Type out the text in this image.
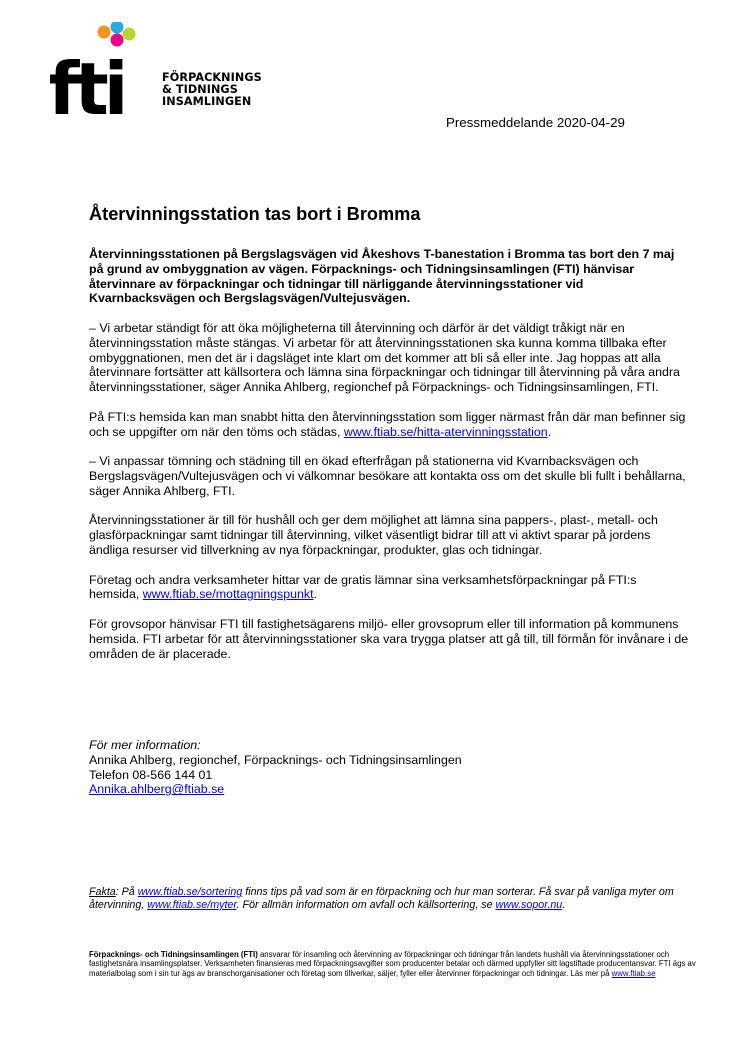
fti	FÖRPACKNINGS
& TIDNINGS
INSAMLINGEN
Pressmeddelande 2020-04-29
Återvinningsstation tas bort i Bromma

Återvinningsstationen på Bergslagsvägen vid Åkeshovs T-banestation i Bromma tas bort den 7 maj på grund av ombyggnation av vägen. Förpacknings- och Tidningsinsamlingen (FTI) hänvisar återvinnare av förpackningar och tidningar till närliggande återvinningsstationer vid Kvarnbacksvägen och Bergslagsvägen/Vultejusvägen.

– Vi arbetar ständigt för att öka möjligheterna till återvinning och därför är det väldigt tråkigt när en återvinningsstation måste stängas. Vi arbetar för att återvinningsstationen ska kunna komma tillbaka efter ombyggnationen, men det är i dagsläget inte klart om det kommer att bli så eller inte. Jag hoppas att alla återvinnare fortsätter att källsortera och lämna sina förpackningar och tidningar till återvinning på våra andra återvinningsstationer, säger Annika Ahlberg, regionchef på Förpacknings- och Tidningsinsamlingen, FTI.

På FTI:s hemsida kan man snabbt hitta den återvinningsstation som ligger närmast från där man befinner sig och se uppgifter om när den töms och städas, www.ftiab.se/hitta-atervinningsstation.

– Vi anpassar tömning och städning till en ökad efterfrågan på stationerna vid Kvarnbacksvägen och Bergslagsvägen/Vultejusvägen och vi välkomnar besökare att kontakta oss om det skulle bli fullt i behållarna, säger Annika Ahlberg, FTI.

Återvinningsstationer är till för hushåll och ger dem möjlighet att lämna sina pappers-, plast-, metall- och glasförpackningar samt tidningar till återvinning, vilket väsentligt bidrar till att vi aktivt sparar på jordens ändliga resurser vid tillverkning av nya förpackningar, produkter, glas och tidningar.

Företag och andra verksamheter hittar var de gratis lämnar sina verksamhetsförpackningar på FTI:s hemsida, www.ftiab.se/mottagningspunkt.

För grovsopor hänvisar FTI till fastighetsägarens miljö- eller grovsoprum eller till information på kommunens hemsida. FTI arbetar för att återvinningsstationer ska vara trygga platser att gå till, till förmån för invånare i de områden de är placerade.

För mer information:
Annika Ahlberg, regionchef, Förpacknings- och Tidningsinsamlingen
Telefon 08-566 144 01
Annika.ahlberg@ftiab.se
Fakta: På www.ftiab.se/sortering finns tips på vad som är en förpackning och hur man sorterar. Få svar på vanliga myter om återvinning, www.ftiab.se/myter. För allmän information om avfall och källsortering, se www.sopor.nu.
Förpacknings- och Tidningsinsamlingen (FTI) ansvarar för insamling och återvinning av förpackningar och tidningar från landets hushåll via återvinningsstationer och fastighetsnära insamlingsplatser. Verksamheten finansieras med förpackningsavgifter som producenter betalar och därmed uppfyller sitt lagstiftade producentansvar. FTI ägs av materialbolag som i sin tur ägs av branschorganisationer och företag som tillverkar, säljer, fyller eller återvinner förpackningar och tidningar. Läs mer på www.ftiab.se
